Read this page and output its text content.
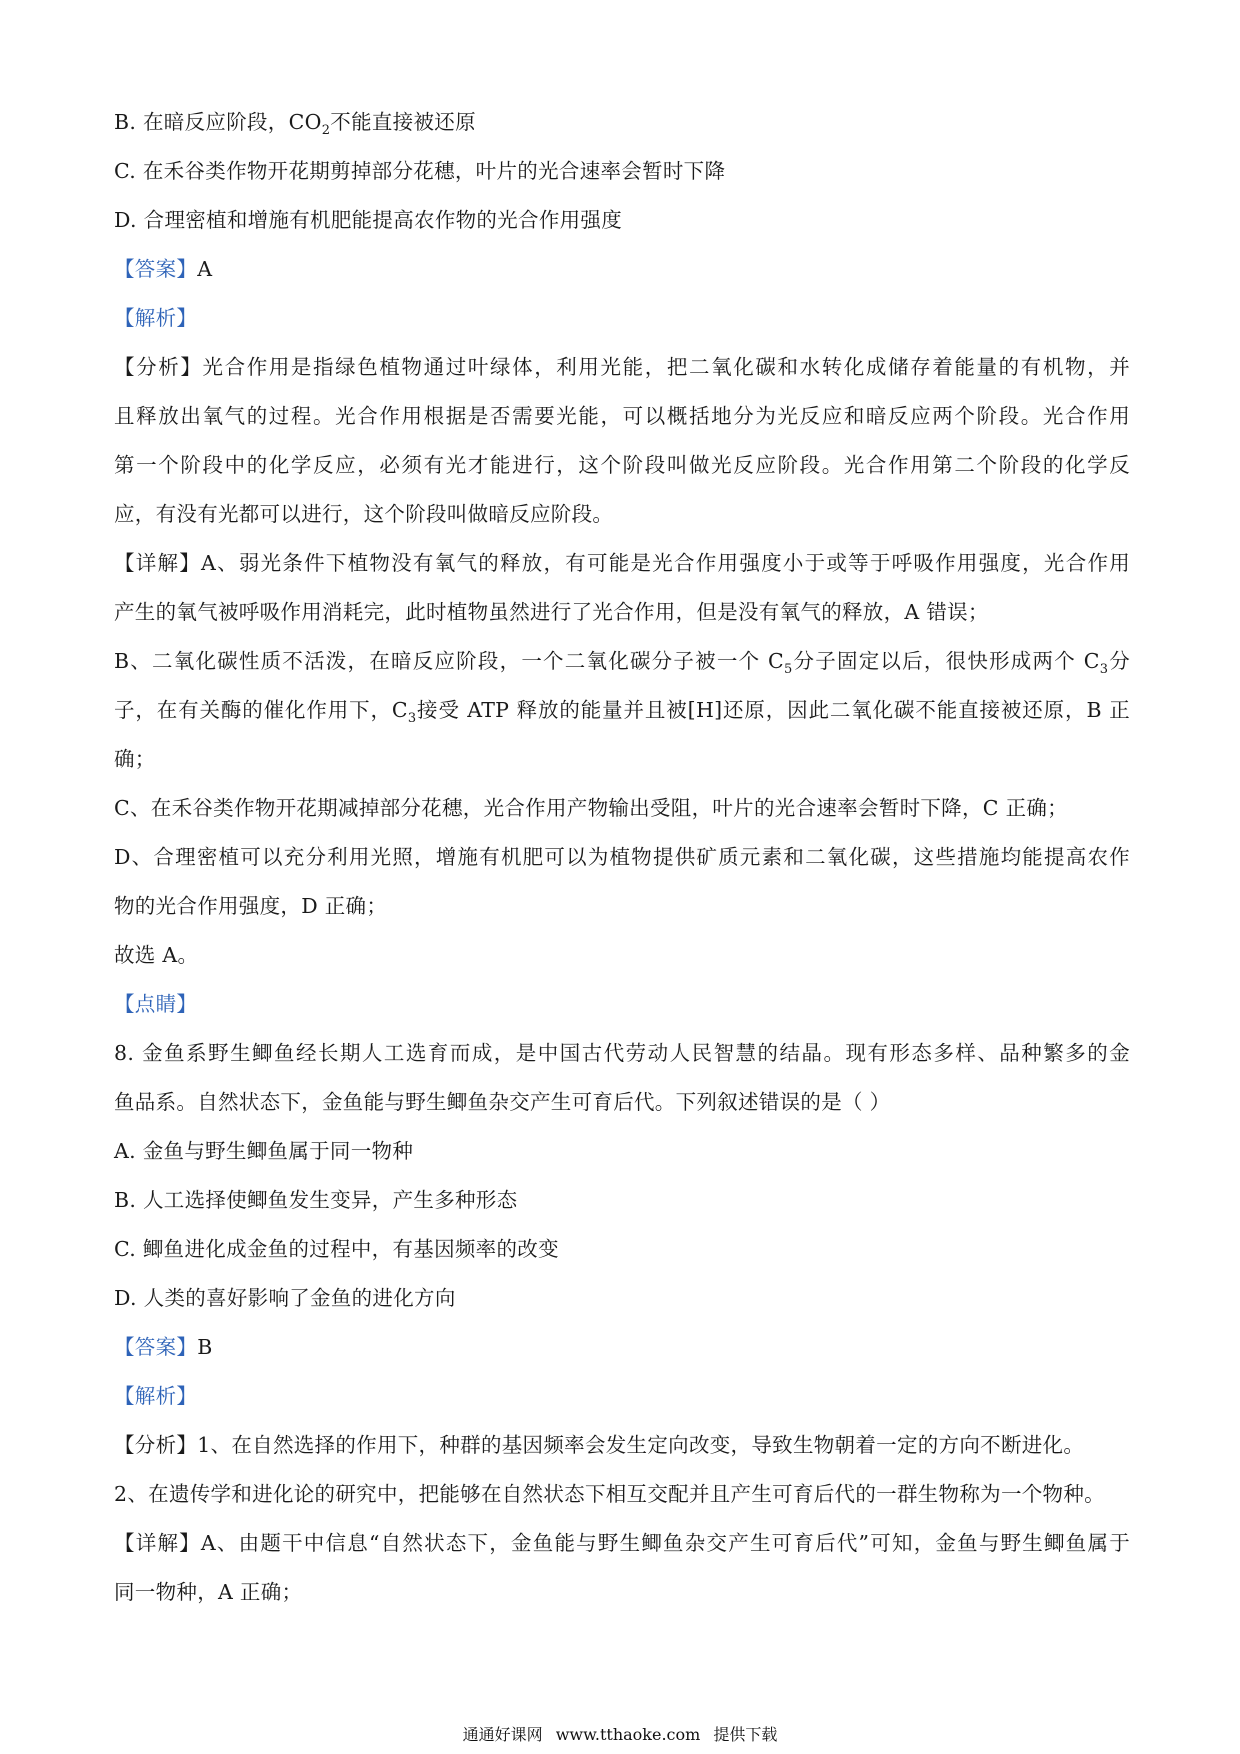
B. 在暗反应阶段，$CO_2$不能直接被还原
C. 在禾谷类作物开花期剪掉部分花穗，叶片的光合速率会暂时下降
D. 合理密植和增施有机肥能提高农作物的光合作用强度
【答案】A
【解析】
【分析】光合作用是指绿色植物通过叶绿体，利用光能，把二氧化碳和水转化成储存着能量的有机物，并
且释放出氧气的过程。光合作用根据是否需要光能，可以概括地分为光反应和暗反应两个阶段。光合作用
第一个阶段中的化学反应，必须有光才能进行，这个阶段叫做光反应阶段。光合作用第二个阶段的化学反
应，有没有光都可以进行，这个阶段叫做暗反应阶段。
【详解】A、弱光条件下植物没有氧气的释放，有可能是光合作用强度小于或等于呼吸作用强度，光合作用
产生的氧气被呼吸作用消耗完，此时植物虽然进行了光合作用，但是没有氧气的释放，A 错误；
B、二氧化碳性质不活泼，在暗反应阶段，一个二氧化碳分子被一个 $C_5$分子固定以后，很快形成两个 $C_3$分
子，在有关酶的催化作用下，$C_3$接受 ATP 释放的能量并且被[H]还原，因此二氧化碳不能直接被还原，B 正
确；
C、在禾谷类作物开花期减掉部分花穗，光合作用产物输出受阻，叶片的光合速率会暂时下降，C 正确；
D、合理密植可以充分利用光照，增施有机肥可以为植物提供矿质元素和二氧化碳，这些措施均能提高农作
物的光合作用强度，D 正确；
故选 A。
【点睛】
8. 金鱼系野生鲫鱼经长期人工选育而成，是中国古代劳动人民智慧的结晶。现有形态多样、品种繁多的金
鱼品系。自然状态下，金鱼能与野生鲫鱼杂交产生可育后代。下列叙述错误的是（ ）
A. 金鱼与野生鲫鱼属于同一物种
B. 人工选择使鲫鱼发生变异，产生多种形态
C. 鲫鱼进化成金鱼的过程中，有基因频率的改变
D. 人类的喜好影响了金鱼的进化方向
【答案】B
【解析】
【分析】1、在自然选择的作用下，种群的基因频率会发生定向改变，导致生物朝着一定的方向不断进化。
2、在遗传学和进化论的研究中，把能够在自然状态下相互交配并且产生可育后代的一群生物称为一个物种。
【详解】A、由题干中信息“自然状态下，金鱼能与野生鲫鱼杂交产生可育后代”可知，金鱼与野生鲫鱼属于
同一物种，A 正确；
通通好课网 www.tthaoke.com 提供下载
